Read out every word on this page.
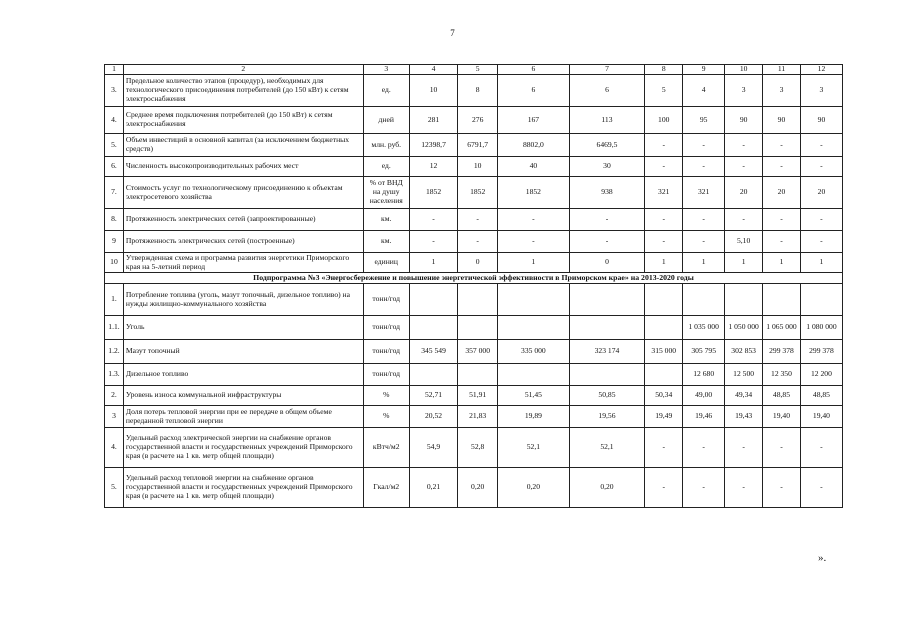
7
1	2	3	4	5	6	7	8	9	10	11	12
3.	Предельное количество этапов (процедур), необходимых для технологического присоединения потребителей (до 150 кВт) к сетям электроснабжения	ед.	10	8	6	6	5	4	3	3	3
4.	Среднее время подключения потребителей (до 150 кВт) к сетям электроснабжения	дней	281	276	167	113	100	95	90	90	90
5.	Объем инвестиций в основной капитал (за исключением бюджетных средств)	млн. руб.	12398,7	6791,7	8802,0	6469,5	-	-	-	-	-
6.	Численность высокопроизводительных рабочих мест	ед.	12	10	40	30	-	-	-	-	-
7.	Стоимость услуг по технологическому присоединению к объектам электросетевого хозяйства	% от ВНД на душу населения	1852	1852	1852	938	321	321	20	20	20
8.	Протяженность электрических сетей (запроектированные)	км.	-	-	-	-	-	-	-	-	-
9	Протяженность электрических сетей (построенные)	км.	-	-	-	-	-	-	5,10	-	-
10	Утвержденная схема и программа развития энергетики Приморского края на 5-летний период	единиц	1	0	1	0	1	1	1	1	1
Подпрограмма №3 «Энергосбережение и повышение энергетической эффективности в Приморском крае» на 2013-2020 годы											
1.	Потребление топлива (уголь, мазут топочный, дизельное топливо) на нужды жилищно-коммунального хозяйства	тонн/год									
1.1.	Уголь	тонн/год						1 035 000	1 050 000	1 065 000	1 080 000
1.2.	Мазут топочный	тонн/год	345 549	357 000	335 000	323 174	315 000	305 795	302 853	299 378	299 378
1.3.	Дизельное топливо	тонн/год						12 680	12 500	12 350	12 200
2.	Уровень износа коммунальной инфраструктуры	%	52,71	51,91	51,45	50,85	50,34	49,00	49,34	48,85	48,85
3	Доля потерь тепловой энергии при ее передаче в общем объеме переданной тепловой энергии	%	20,52	21,83	19,89	19,56	19,49	19,46	19,43	19,40	19,40
4.	Удельный расход электрической энергии на снабжение органов государственной власти и государственных учреждений Приморского края (в расчете на 1 кв. метр общей площади)	кВтч/м2	54,9	52,8	52,1	52,1	-	-	-	-	-
5.	Удельный расход тепловой энергии на снабжение органов государственной власти и государственных учреждений Приморского края (в расчете на 1 кв. метр общей площади)	Гкал/м2	0,21	0,20	0,20	0,20	-	-	-	-	-
».
